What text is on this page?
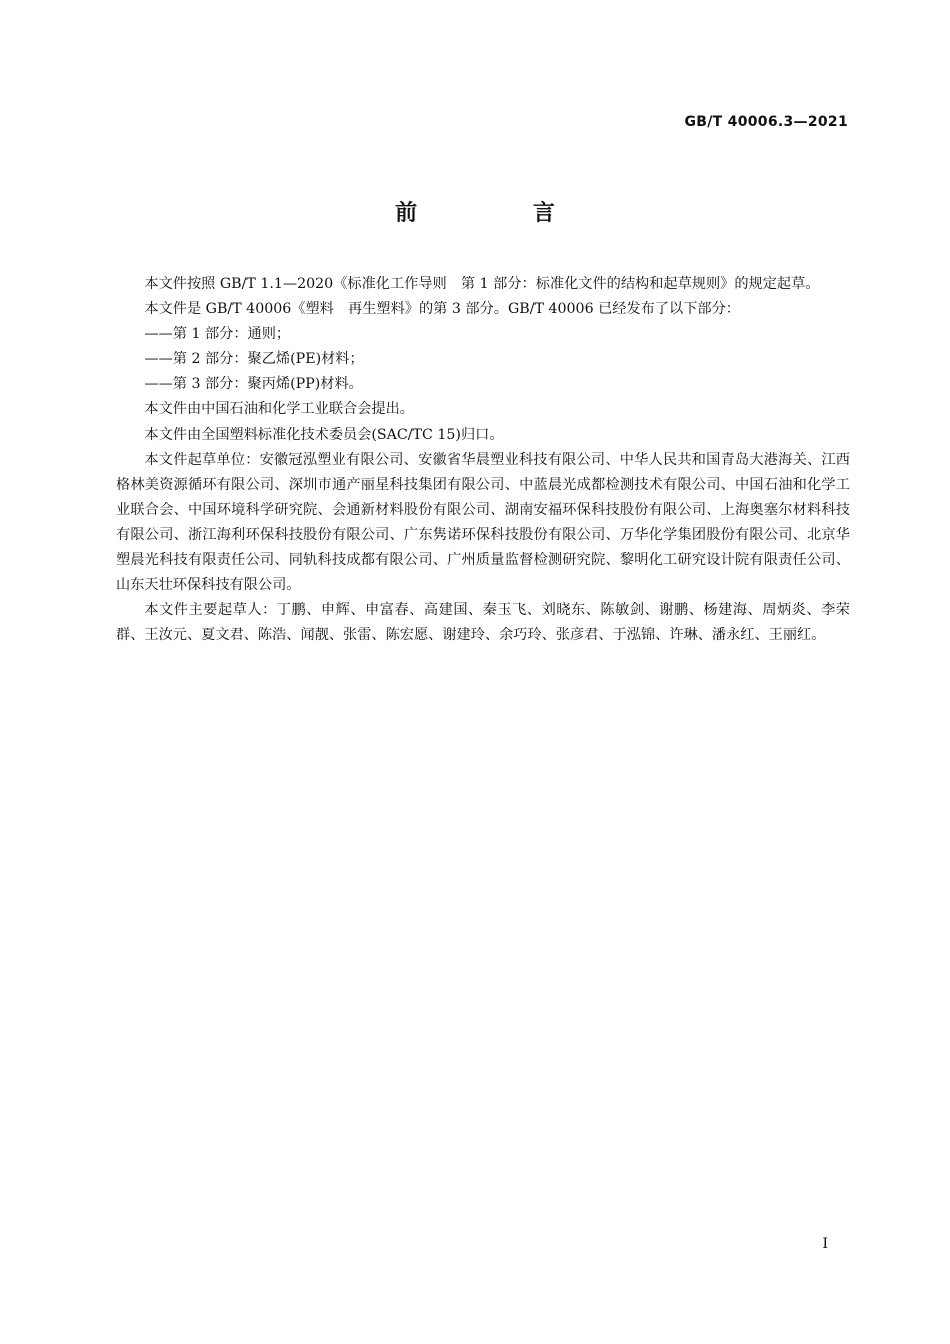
GB/T 40006.3—2021
前 言

本文件按照 GB/T 1.1—2020《标准化工作导则　第 1 部分：标准化文件的结构和起草规则》的规定起草。

本文件是 GB/T 40006《塑料　再生塑料》的第 3 部分。GB/T 40006 已经发布了以下部分：

——第 1 部分：通则；

——第 2 部分：聚乙烯(PE)材料；

——第 3 部分：聚丙烯(PP)材料。

本文件由中国石油和化学工业联合会提出。

本文件由全国塑料标准化技术委员会(SAC/TC 15)归口。

本文件起草单位：安徽冠泓塑业有限公司、安徽省华晨塑业科技有限公司、中华人民共和国青岛大港海关、江西格林美资源循环有限公司、深圳市通产丽星科技集团有限公司、中蓝晨光成都检测技术有限公司、中国石油和化学工业联合会、中国环境科学研究院、会通新材料股份有限公司、湖南安福环保科技股份有限公司、上海奥塞尔材料科技有限公司、浙江海利环保科技股份有限公司、广东隽诺环保科技股份有限公司、万华化学集团股份有限公司、北京华塑晨光科技有限责任公司、同轨科技成都有限公司、广州质量监督检测研究院、黎明化工研究设计院有限责任公司、山东天壮环保科技有限公司。

本文件主要起草人：丁鹏、申辉、申富春、高建国、秦玉飞、刘晓东、陈敏剑、谢鹏、杨建海、周炳炎、李荣群、王汝元、夏文君、陈浩、闻靓、张雷、陈宏愿、谢建玲、余巧玲、张彦君、于泓锦、许琳、潘永红、王丽红。

I
